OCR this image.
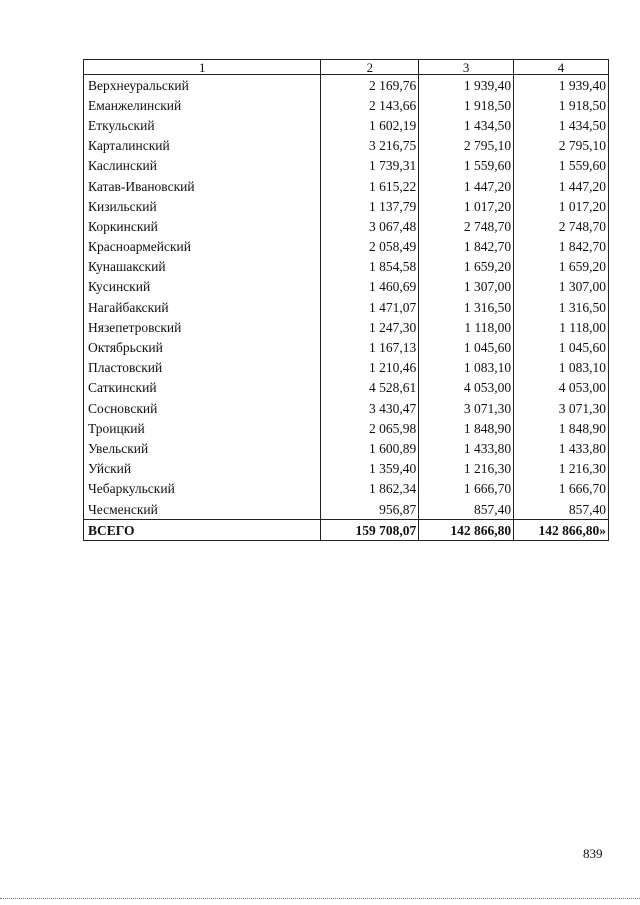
1	2	3	4
Верхнеуральский	2 169,76	1 939,40	1 939,40
Еманжелинский	2 143,66	1 918,50	1 918,50
Еткульский	1 602,19	1 434,50	1 434,50
Карталинский	3 216,75	2 795,10	2 795,10
Каслинский	1 739,31	1 559,60	1 559,60
Катав-Ивановский	1 615,22	1 447,20	1 447,20
Кизильский	1 137,79	1 017,20	1 017,20
Коркинский	3 067,48	2 748,70	2 748,70
Красноармейский	2 058,49	1 842,70	1 842,70
Кунашакский	1 854,58	1 659,20	1 659,20
Кусинский	1 460,69	1 307,00	1 307,00
Нагайбакский	1 471,07	1 316,50	1 316,50
Нязепетровский	1 247,30	1 118,00	1 118,00
Октябрьский	1 167,13	1 045,60	1 045,60
Пластовский	1 210,46	1 083,10	1 083,10
Саткинский	4 528,61	4 053,00	4 053,00
Сосновский	3 430,47	3 071,30	3 071,30
Троицкий	2 065,98	1 848,90	1 848,90
Увельский	1 600,89	1 433,80	1 433,80
Уйский	1 359,40	1 216,30	1 216,30
Чебаркульский	1 862,34	1 666,70	1 666,70
Чесменский	956,87	857,40	857,40
ВСЕГО	159 708,07	142 866,80	142 866,80»
839
